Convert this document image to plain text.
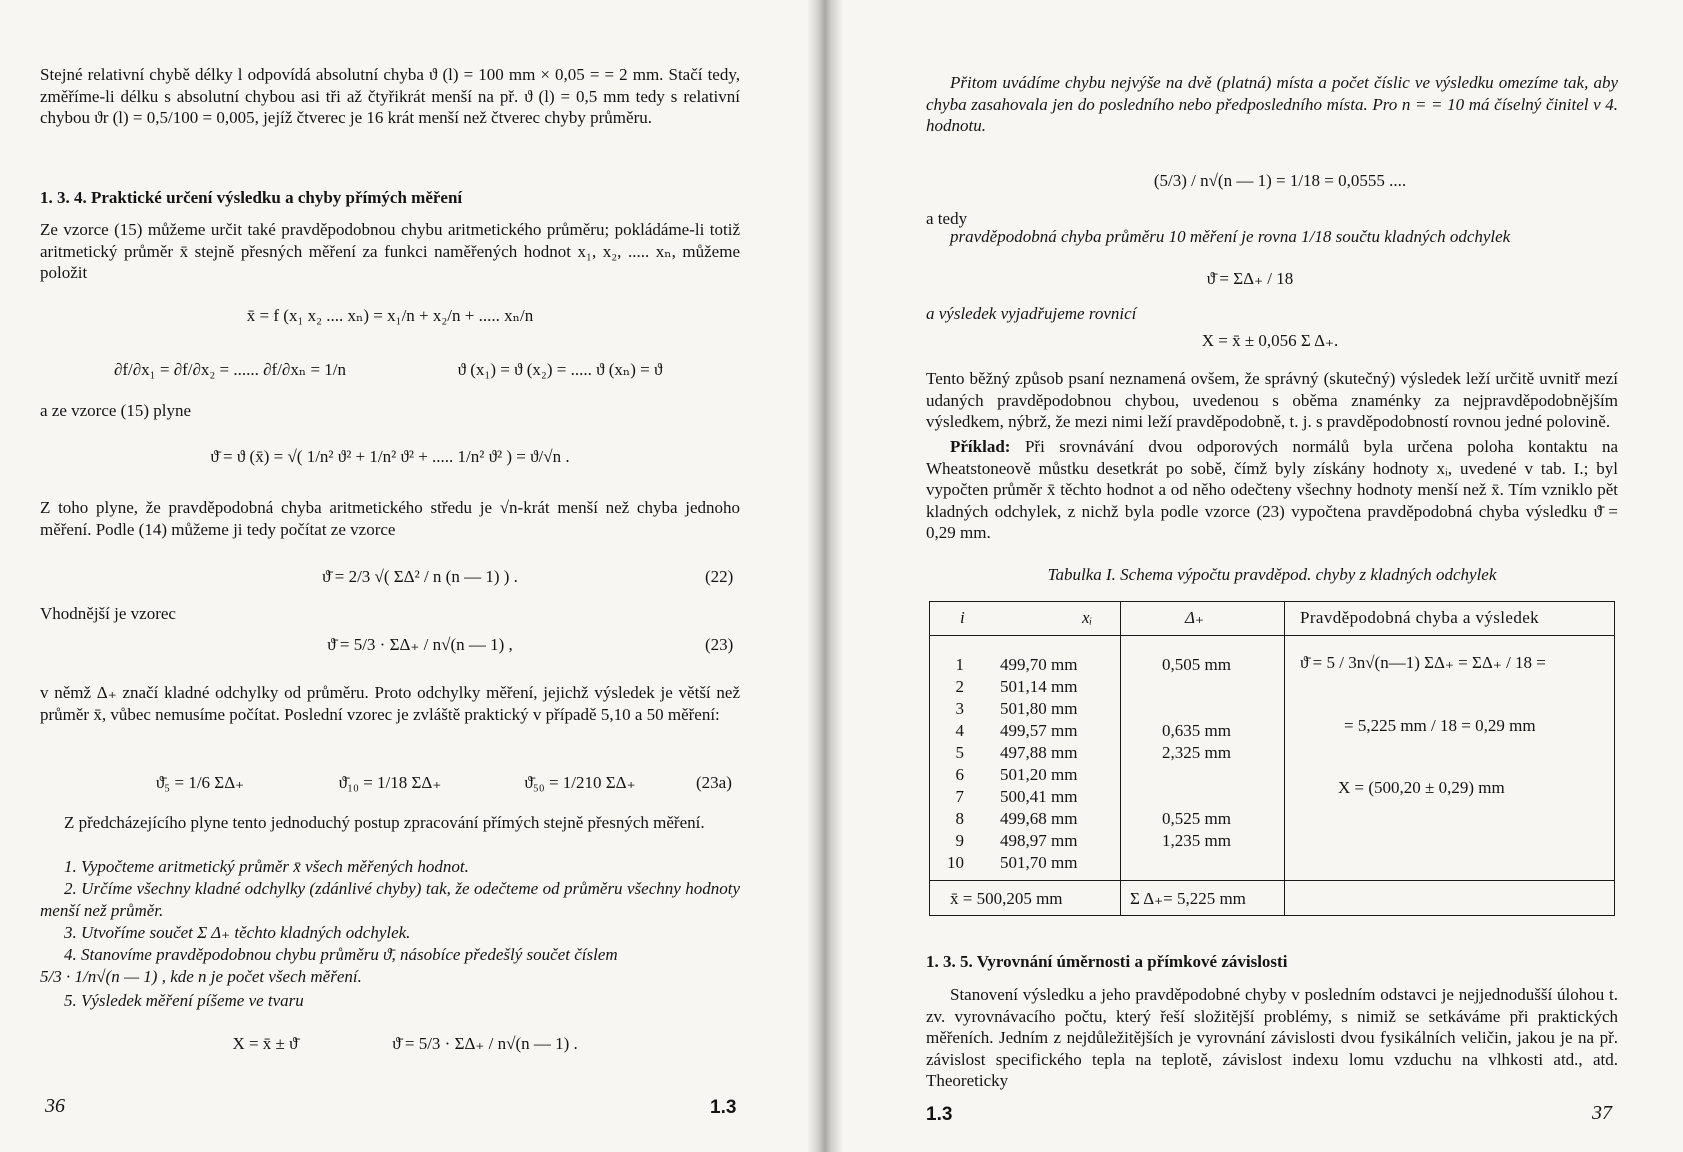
Stejné relativní chybě délky l odpovídá absolutní chyba ϑ (l) = 100 mm × 0,05 = = 2 mm. Stačí tedy, změříme-li délku s absolutní chybou asi tři až čtyřikrát menší na př. ϑ (l) = 0,5 mm tedy s relativní chybou ϑr (l) = 0,5/100 = 0,005, jejíž čtverec je 16 krát menší než čtverec chyby průměru.

1. 3. 4. Praktické určení výsledku a chyby přímých měření

Ze vzorce (15) můžeme určit také pravděpodobnou chybu aritmetického průměru; pokládáme-li totiž aritmetický průměr x̄ stejně přesných měření za funkci naměřených hodnot x₁, x₂, ..... xₙ, můžeme položit

x̄ = f (x₁ x₂ .... xₙ) = x₁/n + x₂/n + ..... xₙ/n

∂f/∂x₁ = ∂f/∂x₂ = ...... ∂f/∂xₙ = 1/n	ϑ (x₁) = ϑ (x₂) = ..... ϑ (xₙ) = ϑ

a ze vzorce (15) plyne

ϑ̄ = ϑ (x̄) = √( 1/n² ϑ² + 1/n² ϑ² + ..... 1/n² ϑ² ) = ϑ/√n .

Z toho plyne, že pravděpodobná chyba aritmetického středu je √n-krát menší než chyba jednoho měření. Podle (14) můžeme ji tedy počítat ze vzorce

ϑ̄ = 2/3 √( ΣΔ² / n (n — 1) ) .	(22)

Vhodnější je vzorec

ϑ̄ = 5/3 · ΣΔ₊ / n√(n — 1) ,	(23)

v němž Δ₊ značí kladné odchylky od průměru. Proto odchylky měření, jejichž výsledek je větší než průměr x̄, vůbec nemusíme počítat. Poslední vzorec je zvláště praktický v případě 5,10 a 50 měření:

ϑ̄₅ = 1/6 ΣΔ₊	ϑ̄₁₀ = 1/18 ΣΔ₊	ϑ̄₅₀ = 1/210 ΣΔ₊	(23a)

Z předcházejícího plyne tento jednoduchý postup zpracování přímých stejně přesných měření.

1. Vypočteme aritmetický průměr x̄ všech měřených hodnot.

2. Určíme všechny kladné odchylky (zdánlivé chyby) tak, že odečteme od průměru všechny hodnoty menší než průměr.

3. Utvoříme součet Σ Δ₊ těchto kladných odchylek.

4. Stanovíme pravděpodobnou chybu průměru ϑ̄, násobíce předešlý součet číslem

5/3 · 1/n√(n — 1) , kde n je počet všech měření.

5. Výsledek měření píšeme ve tvaru

X = x̄ ± ϑ̄	ϑ̄ = 5/3 · ΣΔ₊ / n√(n — 1) .

36	1.3

Přitom uvádíme chybu nejvýše na dvě (platná) místa a počet číslic ve výsledku omezíme tak, aby chyba zasahovala jen do posledního nebo předposledního místa. Pro n = = 10 má číselný činitel v 4. hodnotu.

(5/3) / n√(n — 1) = 1/18 = 0,0555 ....

a tedy

pravděpodobná chyba průměru 10 měření je rovna 1/18 součtu kladných odchylek

ϑ̄ = ΣΔ₊ / 18

a výsledek vyjadřujeme rovnicí

X = x̄ ± 0,056 Σ Δ₊.

Tento běžný způsob psaní neznamená ovšem, že správný (skutečný) výsledek leží určitě uvnitř mezí udaných pravděpodobnou chybou, uvedenou s oběma znaménky za nejpravděpodobnějším výsledkem, nýbrž, že mezi nimi leží pravděpodobně, t. j. s pravděpodobností rovnou jedné polovině.

Příklad: Při srovnávání dvou odporových normálů byla určena poloha kontaktu na Wheatstoneově můstku desetkrát po sobě, čímž byly získány hodnoty xᵢ, uvedené v tab. I.; byl vypočten průměr x̄ těchto hodnot a od něho odečteny všechny hodnoty menší než x̄. Tím vzniklo pět kladných odchylek, z nichž byla podle vzorce (23) vypočtena pravděpodobná chyba výsledku ϑ̄ = 0,29 mm.

Tabulka I. Schema výpočtu pravděpod. chyby z kladných odchylek

i	xᵢ	Δ₊	Pravděpodobná chyba a výsledek
1 499,70 mm	0,505 mm
2 501,14 mm
3 501,80 mm
4 499,57 mm	0,635 mm
5 497,88 mm	2,325 mm
6 501,20 mm
7 500,41 mm
8 499,68 mm	0,525 mm
9 498,97 mm	1,235 mm
10 501,70 mm
ϑ̄ = 5 / 3n√(n—1) ΣΔ₊ = ΣΔ₊ / 18 =
= 5,225 mm / 18 = 0,29 mm
X = (500,20 ± 0,29) mm
x̄ = 500,205 mm	Σ Δ₊= 5,225 mm
1. 3. 5. Vyrovnání úměrnosti a přímkové závislosti

Stanovení výsledku a jeho pravděpodobné chyby v posledním odstavci je nejjednodušší úlohou t. zv. vyrovnávacího počtu, který řeší složitější problémy, s nimiž se setkáváme při praktických měřeních. Jedním z nejdůležitějších je vyrovnání závislosti dvou fysikálních veličin, jakou je na př. závislost specifického tepla na teplotě, závislost indexu lomu vzduchu na vlhkosti atd., atd. Theoreticky

1.3	37
